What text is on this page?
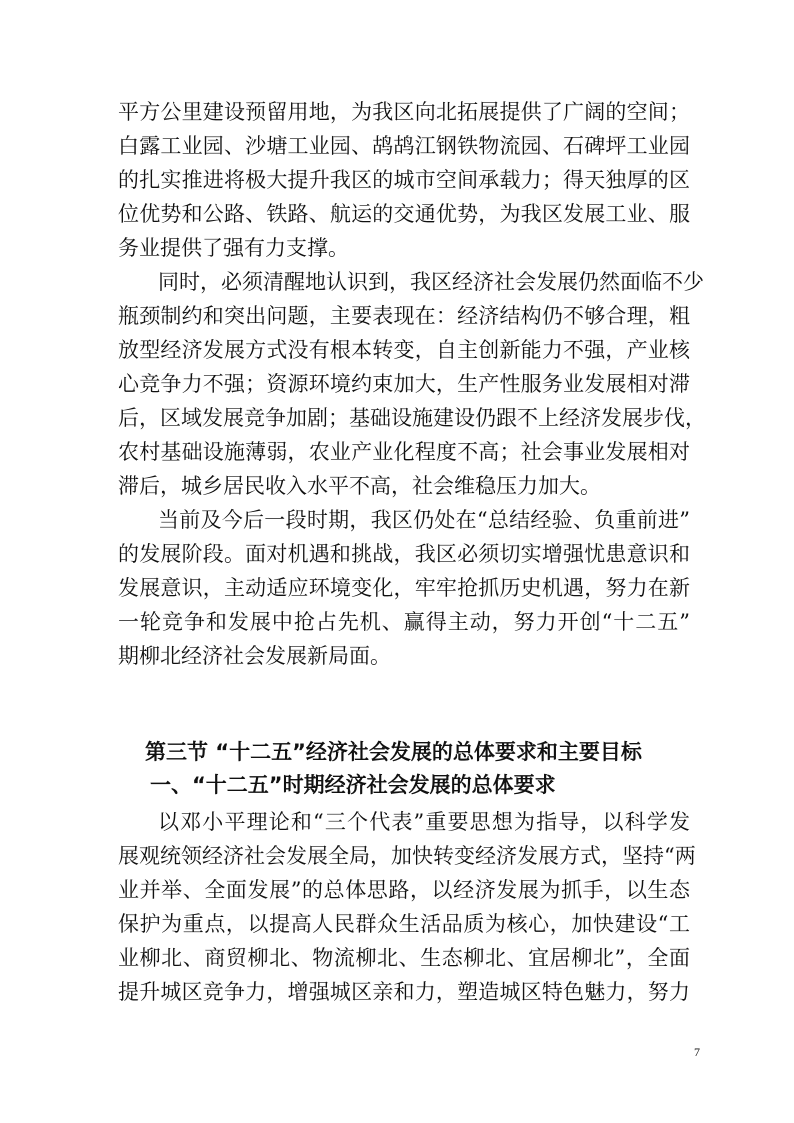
平方公里建设预留用地，为我区向北拓展提供了广阔的空间；
白露工业园、沙塘工业园、鸪鸪江钢铁物流园、石碑坪工业园
的扎实推进将极大提升我区的城市空间承载力；得天独厚的区
位优势和公路、铁路、航运的交通优势，为我区发展工业、服
务业提供了强有力支撑。
同时，必须清醒地认识到，我区经济社会发展仍然面临不少
瓶颈制约和突出问题，主要表现在：经济结构仍不够合理，粗
放型经济发展方式没有根本转变，自主创新能力不强，产业核
心竞争力不强；资源环境约束加大，生产性服务业发展相对滞
后，区域发展竞争加剧；基础设施建设仍跟不上经济发展步伐，
农村基础设施薄弱，农业产业化程度不高；社会事业发展相对
滞后，城乡居民收入水平不高，社会维稳压力加大。
当前及今后一段时期，我区仍处在“总结经验、负重前进”
的发展阶段。面对机遇和挑战，我区必须切实增强忧患意识和
发展意识，主动适应环境变化，牢牢抢抓历史机遇，努力在新
一轮竞争和发展中抢占先机、赢得主动，努力开创“十二五”
期柳北经济社会发展新局面。
第三节 “十二五”经济社会发展的总体要求和主要目标
一、“十二五”时期经济社会发展的总体要求
以邓小平理论和“三个代表”重要思想为指导，以科学发
展观统领经济社会发展全局，加快转变经济发展方式，坚持“两
业并举、全面发展”的总体思路，以经济发展为抓手，以生态
保护为重点，以提高人民群众生活品质为核心，加快建设“工
业柳北、商贸柳北、物流柳北、生态柳北、宜居柳北”，全面
提升城区竞争力，增强城区亲和力，塑造城区特色魅力，努力
7
